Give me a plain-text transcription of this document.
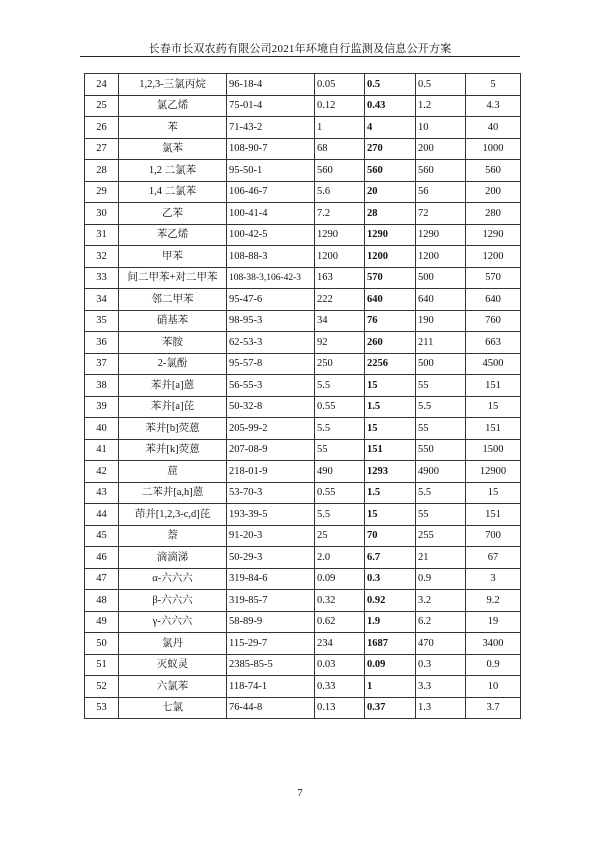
长春市长双农药有限公司2021年环境自行监测及信息公开方案
24	1,2,3-三氯丙烷	96-18-4	0.05	0.5	0.5	5
25	氯乙烯	75-01-4	0.12	0.43	1.2	4.3
26	苯	71-43-2	1	4	10	40
27	氯苯	108-90-7	68	270	200	1000
28	1,2 二氯苯	95-50-1	560	560	560	560
29	1,4 二氯苯	106-46-7	5.6	20	56	200
30	乙苯	100-41-4	7.2	28	72	280
31	苯乙烯	100-42-5	1290	1290	1290	1290
32	甲苯	108-88-3	1200	1200	1200	1200
33	间二甲苯+对二甲苯	108-38-3,106-42-3	163	570	500	570
34	邻二甲苯	95-47-6	222	640	640	640
35	硝基苯	98-95-3	34	76	190	760
36	苯胺	62-53-3	92	260	211	663
37	2-氯酚	95-57-8	250	2256	500	4500
38	苯并[a]蒽	56-55-3	5.5	15	55	151
39	苯并[a]芘	50-32-8	0.55	1.5	5.5	15
40	苯并[b]荧蒽	205-99-2	5.5	15	55	151
41	苯并[k]荧蒽	207-08-9	55	151	550	1500
42	䓛	218-01-9	490	1293	4900	12900
43	二苯并[a,h]蒽	53-70-3	0.55	1.5	5.5	15
44	茚并[1,2,3-c,d]芘	193-39-5	5.5	15	55	151
45	萘	91-20-3	25	70	255	700
46	滴滴涕	50-29-3	2.0	6.7	21	67
47	α-六六六	319-84-6	0.09	0.3	0.9	3
48	β-六六六	319-85-7	0.32	0.92	3.2	9.2
49	γ-六六六	58-89-9	0.62	1.9	6.2	19
50	氯丹	115-29-7	234	1687	470	3400
51	灭蚁灵	2385-85-5	0.03	0.09	0.3	0.9
52	六氯苯	118-74-1	0.33	1	3.3	10
53	七氯	76-44-8	0.13	0.37	1.3	3.7
7
